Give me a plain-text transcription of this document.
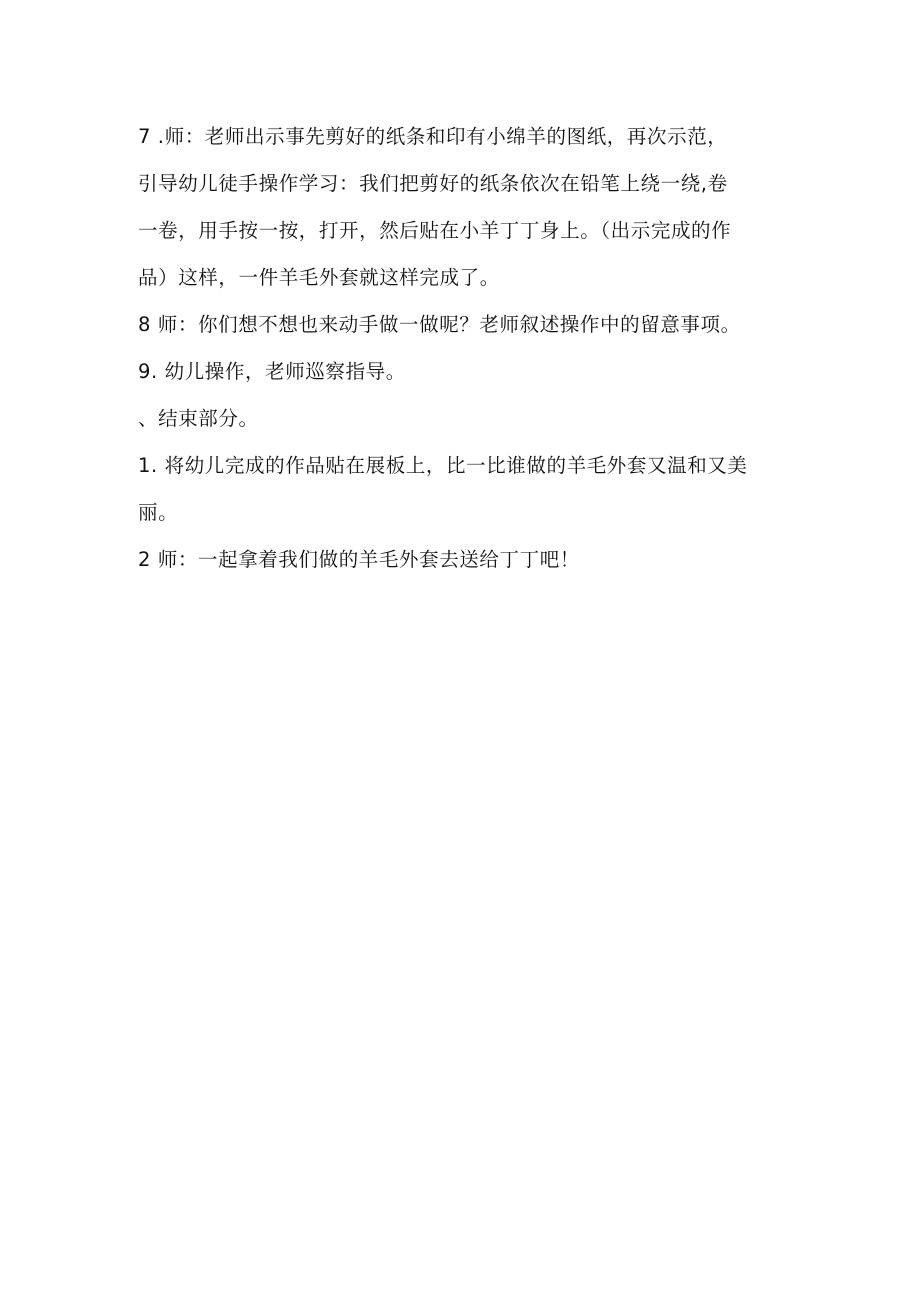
7 .师：老师出示事先剪好的纸条和印有小绵羊的图纸，再次示范，
引导幼儿徒手操作学习：我们把剪好的纸条依次在铅笔上绕一绕,卷
一卷，用手按一按，打开，然后贴在小羊丁丁身上。（出示完成的作
品）这样，一件羊毛外套就这样完成了。
8 师：你们想不想也来动手做一做呢？老师叙述操作中的留意事项。
9. 幼儿操作，老师巡察指导。
、结束部分。
1. 将幼儿完成的作品贴在展板上，比一比谁做的羊毛外套又温和又美
丽。
2 师：一起拿着我们做的羊毛外套去送给丁丁吧！
